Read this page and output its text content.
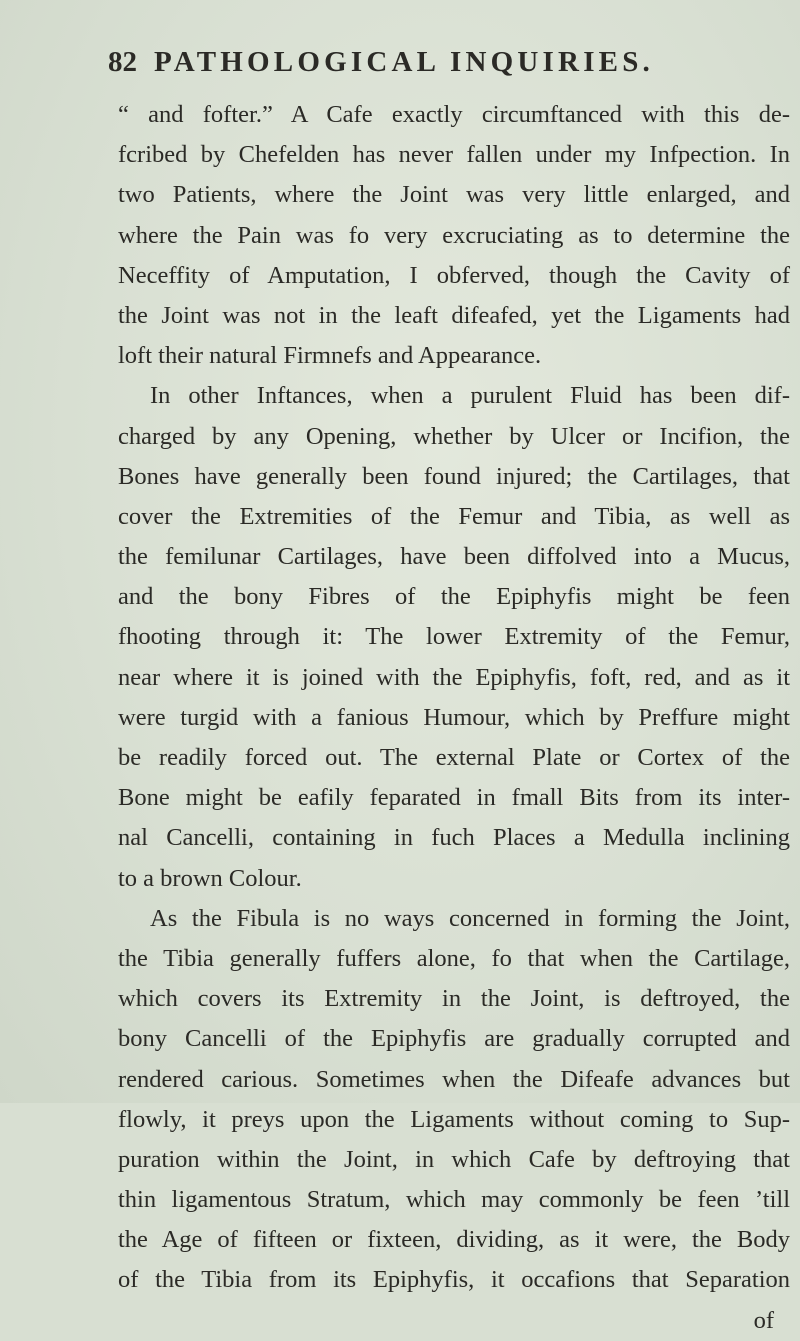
82 PATHOLOGICAL INQUIRIES.
“ and fofter.” A Cafe exactly circumftanced with this de-
fcribed by Chefelden has never fallen under my Infpection. In
two Patients, where the Joint was very little enlarged, and
where the Pain was fo very excruciating as to determine the
Neceffity of Amputation, I obferved, though the Cavity of
the Joint was not in the leaft difeafed, yet the Ligaments had
loft their natural Firmnefs and Appearance.
In other Inftances, when a purulent Fluid has been dif-
charged by any Opening, whether by Ulcer or Incifion, the
Bones have generally been found injured; the Cartilages, that
cover the Extremities of the Femur and Tibia, as well as
the femilunar Cartilages, have been diffolved into a Mucus,
and the bony Fibres of the Epiphyfis might be feen
fhooting through it: The lower Extremity of the Femur,
near where it is joined with the Epiphyfis, foft, red, and as it
were turgid with a fanious Humour, which by Preffure might
be readily forced out. The external Plate or Cortex of the
Bone might be eafily feparated in fmall Bits from its inter-
nal Cancelli, containing in fuch Places a Medulla inclining
to a brown Colour.
As the Fibula is no ways concerned in forming the Joint,
the Tibia generally fuffers alone, fo that when the Cartilage,
which covers its Extremity in the Joint, is deftroyed, the
bony Cancelli of the Epiphyfis are gradually corrupted and
rendered carious. Sometimes when the Difeafe advances but
flowly, it preys upon the Ligaments without coming to Sup-
puration within the Joint, in which Cafe by deftroying that
thin ligamentous Stratum, which may commonly be feen ’till
the Age of fifteen or fixteen, dividing, as it were, the Body
of the Tibia from its Epiphyfis, it occafions that Separation
of
